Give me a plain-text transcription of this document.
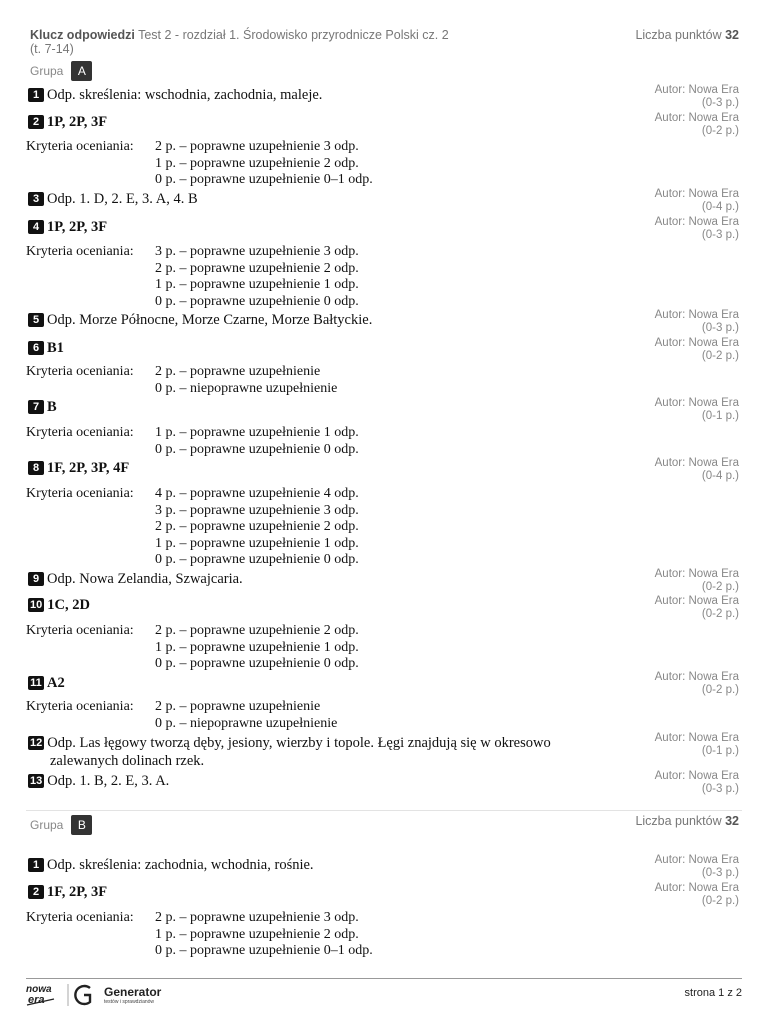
Klucz odpowiedzi Test 2 - rozdział 1. Środowisko przyrodnicze Polski cz. 2
(t. 7-14)
Liczba punktów 32
Grupa	A
1 Odp. skreślenia: wschodnia, zachodnia, maleje.	Autor: Nowa Era
(0-3 p.)
2 1P, 2P, 3F	Autor: Nowa Era
(0-2 p.)
Kryteria oceniania: 2 p. – poprawne uzupełnienie 3 odp.
1 p. – poprawne uzupełnienie 2 odp.
0 p. – poprawne uzupełnienie 0–1 odp.
3 Odp. 1. D, 2. E, 3. A, 4. B	Autor: Nowa Era
(0-4 p.)
4 1P, 2P, 3F	Autor: Nowa Era
(0-3 p.)
Kryteria oceniania: 3 p. – poprawne uzupełnienie 3 odp.
2 p. – poprawne uzupełnienie 2 odp.
1 p. – poprawne uzupełnienie 1 odp.
0 p. – poprawne uzupełnienie 0 odp.
5 Odp. Morze Północne, Morze Czarne, Morze Bałtyckie.	Autor: Nowa Era
(0-3 p.)
6 B1	Autor: Nowa Era
(0-2 p.)
Kryteria oceniania: 2 p. – poprawne uzupełnienie
0 p. – niepoprawne uzupełnienie
7 B	Autor: Nowa Era
(0-1 p.)
Kryteria oceniania: 1 p. – poprawne uzupełnienie 1 odp.
0 p. – poprawne uzupełnienie 0 odp.
8 1F, 2P, 3P, 4F	Autor: Nowa Era
(0-4 p.)
Kryteria oceniania: 4 p. – poprawne uzupełnienie 4 odp.
3 p. – poprawne uzupełnienie 3 odp.
2 p. – poprawne uzupełnienie 2 odp.
1 p. – poprawne uzupełnienie 1 odp.
0 p. – poprawne uzupełnienie 0 odp.
9 Odp. Nowa Zelandia, Szwajcaria.	Autor: Nowa Era
(0-2 p.)
10 1C, 2D	Autor: Nowa Era
(0-2 p.)
Kryteria oceniania: 2 p. – poprawne uzupełnienie 2 odp.
1 p. – poprawne uzupełnienie 1 odp.
0 p. – poprawne uzupełnienie 0 odp.
11 A2	Autor: Nowa Era
(0-2 p.)
Kryteria oceniania: 2 p. – poprawne uzupełnienie
0 p. – niepoprawne uzupełnienie
12 Odp. Las łęgowy tworzą dęby, jesiony, wierzby i topole. Łęgi znajdują się w okresowo
zalewanych dolinach rzek.
Autor: Nowa Era
(0-1 p.)
13 Odp. 1. B, 2. E, 3. A.	Autor: Nowa Era
(0-3 p.)
Grupa	B	Liczba punktów 32
1 Odp. skreślenia: zachodnia, wchodnia, rośnie.	Autor: Nowa Era
(0-3 p.)
2 1F, 2P, 3F	Autor: Nowa Era
(0-2 p.)
Kryteria oceniania: 2 p. – poprawne uzupełnienie 3 odp.
1 p. – poprawne uzupełnienie 2 odp.
0 p. – poprawne uzupełnienie 0–1 odp.
nowa
era
Generator
testów i sprawdzianów
strona 1 z 2
